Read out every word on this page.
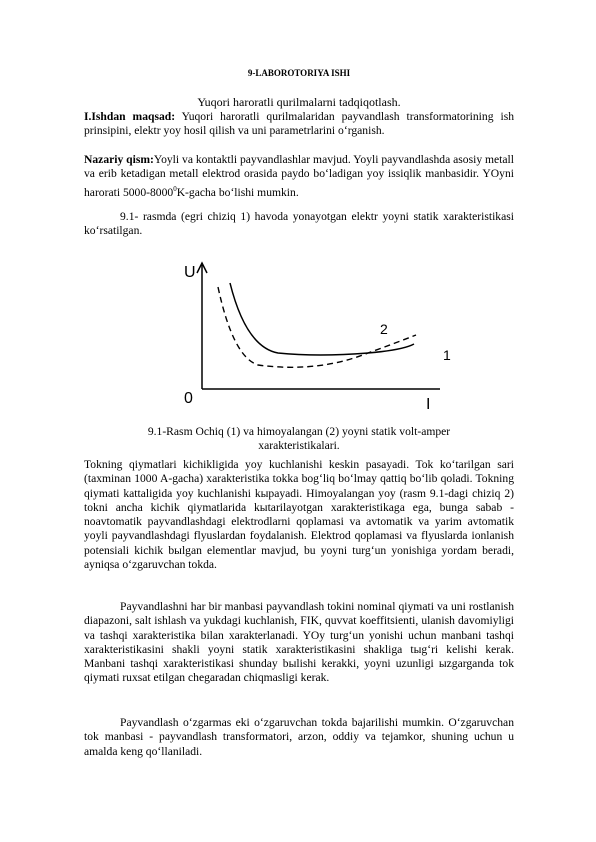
9-LABOROTORIYA ISHI
Yuqori haroratli qurilmalarni tadqiqotlash.
I.Ishdan maqsad: Yuqori haroratli qurilmalaridan payvandlash transformatorining ish prinsipini, elektr yoy hosil qilish va uni parametrlarini o‘rganish.
Nazariy qism:Yoyli va kontaktli payvandlashlar mavjud. Yoyli payvandlashda asosiy metall va erib ketadigan metall elektrod orasida paydo bo‘ladigan yoy issiqlik manbasidir. YOyni harorati 5000-8000$^0$K-gacha bo‘lishi mumkin.
9.1- rasmda (egri chiziq 1) havoda yonayotgan elektr yoyni statik xarakteristikasi ko‘rsatilgan.
U
I
0
1
2
9.1-Rasm Ochiq (1) va himoyalangan (2) yoyni statik volt-amper
xarakteristikalari.
Tokning qiymatlari kichikligida yoy kuchlanishi keskin pasayadi. Tok ko‘tarilgan sari (taxminan 1000 A-gacha) xarakteristika tokka bog‘liq bo‘lmay qattiq bo‘lib qoladi. Tokning qiymati kattaligida yoy kuchlanishi kыpayadi. Himoyalangan yoy (rasm 9.1-dagi chiziq 2) tokni ancha kichik qiymatlarida kыtarilayotgan xarakteristikaga ega, bunga sabab - noavtomatik payvandlashdagi elektrodlarni qoplamasi va avtomatik va yarim avtomatik yoyli payvandlashdagi flyuslardan foydalanish. Elektrod qoplamasi va flyuslarda ionlanish potensiali kichik bыlgan elementlar mavjud, bu yoyni turg‘un yonishiga yordam beradi, ayniqsa o‘zgaruvchan tokda.
Payvandlashni har bir manbasi payvandlash tokini nominal qiymati va uni rostlanish diapazoni, salt ishlash va yukdagi kuchlanish, FIK, quvvat koeffitsienti, ulanish davomiyligi va tashqi xarakteristika bilan xarakterlanadi. YOy turg‘un yonishi uchun manbani tashqi xarakteristikasini shakli yoyni statik xarakteristikasini shakliga tыg‘ri kelishi kerak. Manbani tashqi xarakteristikasi shunday bыlishi kerakki, yoyni uzunligi ыzgarganda tok qiymati ruxsat etilgan chegaradan chiqmasligi kerak.
Payvandlash o‘zgarmas eki o‘zgaruvchan tokda bajarilishi mumkin. O‘zgaruvchan tok manbasi - payvandlash transformatori, arzon, oddiy va tejamkor, shuning uchun u amalda keng qo‘llaniladi.
